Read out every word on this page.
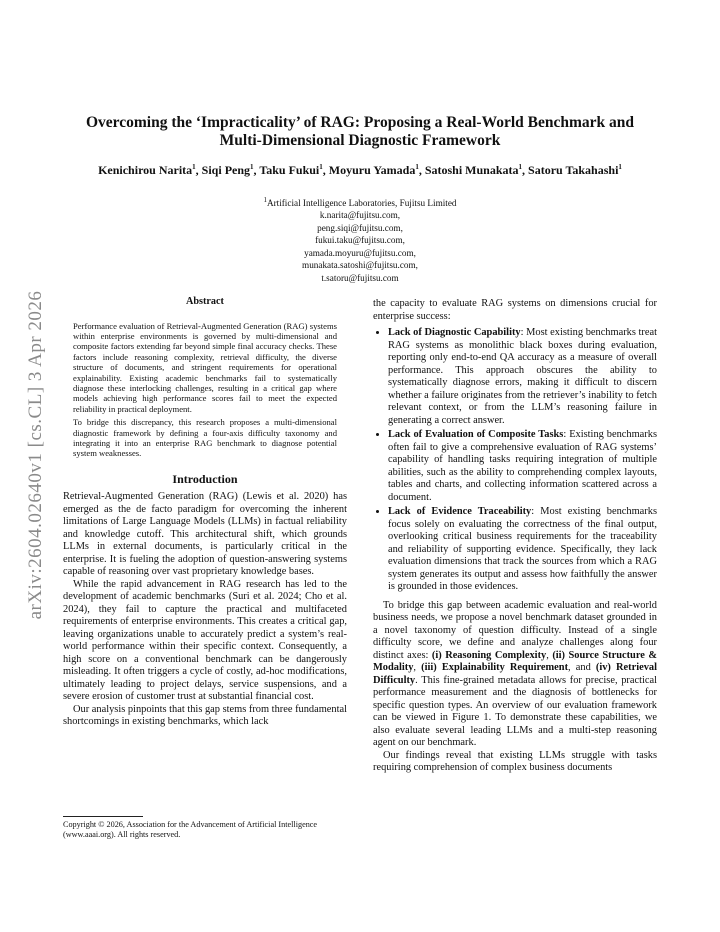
arXiv:2604.02640v1 [cs.CL] 3 Apr 2026
Overcoming the ‘Impracticality’ of RAG: Proposing a Real-World Benchmark and Multi-Dimensional Diagnostic Framework
Kenichirou Narita$^1$, Siqi Peng$^1$, Taku Fukui$^1$, Moyuru Yamada$^1$, Satoshi Munakata$^1$, Satoru Takahashi$^1$
$^1$Artificial Intelligence Laboratories, Fujitsu Limited
k.narita@fujitsu.com,
peng.siqi@fujitsu.com,
fukui.taku@fujitsu.com,
yamada.moyuru@fujitsu.com,
munakata.satoshi@fujitsu.com,
t.satoru@fujitsu.com
Abstract

Performance evaluation of Retrieval-Augmented Generation (RAG) systems within enterprise environments is governed by multi-dimensional and composite factors extending far beyond simple final accuracy checks. These factors include reasoning complexity, retrieval difficulty, the diverse structure of documents, and stringent requirements for operational explainability. Existing academic benchmarks fail to systematically diagnose these interlocking challenges, resulting in a critical gap where models achieving high performance scores fail to meet the expected reliability in practical deployment.

To bridge this discrepancy, this research proposes a multi-dimensional diagnostic framework by defining a four-axis difficulty taxonomy and integrating it into an enterprise RAG benchmark to diagnose potential system weaknesses.

Introduction

Retrieval-Augmented Generation (RAG) (Lewis et al. 2020) has emerged as the de facto paradigm for overcoming the inherent limitations of Large Language Models (LLMs) in factual reliability and knowledge cutoff. This architectural shift, which grounds LLMs in external documents, is particularly critical in the enterprise. It is fueling the adoption of question-answering systems capable of reasoning over vast proprietary knowledge bases.

While the rapid advancement in RAG research has led to the development of academic benchmarks (Suri et al. 2024; Cho et al. 2024), they fail to capture the practical and multifaceted requirements of enterprise environments. This creates a critical gap, leaving organizations unable to accurately predict a system’s real-world performance within their specific context. Consequently, a high score on a conventional benchmark can be dangerously misleading. It often triggers a cycle of costly, ad-hoc modifications, ultimately leading to project delays, service suspensions, and a severe erosion of customer trust at substantial financial cost.

Our analysis pinpoints that this gap stems from three fundamental shortcomings in existing benchmarks, which lack

Copyright © 2026, Association for the Advancement of Artificial Intelligence (www.aaai.org). All rights reserved.

the capacity to evaluate RAG systems on dimensions crucial for enterprise success:

• Lack of Diagnostic Capability: Most existing benchmarks treat RAG systems as monolithic black boxes during evaluation, reporting only end-to-end QA accuracy as a measure of overall performance. This approach obscures the ability to systematically diagnose errors, making it difficult to discern whether a failure originates from the retriever’s inability to fetch relevant context, or from the LLM’s reasoning failure in generating a correct answer.
• Lack of Evaluation of Composite Tasks: Existing benchmarks often fail to give a comprehensive evaluation of RAG systems’ capability of handling tasks requiring integration of multiple abilities, such as the ability to comprehending complex layouts, tables and charts, and collecting information scattered across a document.
• Lack of Evidence Traceability: Most existing benchmarks focus solely on evaluating the correctness of the final output, overlooking critical business requirements for the traceability and reliability of supporting evidence. Specifically, they lack evaluation dimensions that track the sources from which a RAG system generates its output and assess how faithfully the answer is grounded in those evidences.

To bridge this gap between academic evaluation and real-world business needs, we propose a novel benchmark dataset grounded in a novel taxonomy of question difficulty. Instead of a single difficulty score, we define and analyze challenges along four distinct axes: (i) Reasoning Complexity, (ii) Source Structure & Modality, (iii) Explainability Requirement, and (iv) Retrieval Difficulty. This fine-grained metadata allows for precise, practical performance measurement and the diagnosis of bottlenecks for specific question types. An overview of our evaluation framework can be viewed in Figure 1. To demonstrate these capabilities, we also evaluate several leading LLMs and a multi-step reasoning agent on our benchmark.

Our findings reveal that existing LLMs struggle with tasks requiring comprehension of complex business documents
